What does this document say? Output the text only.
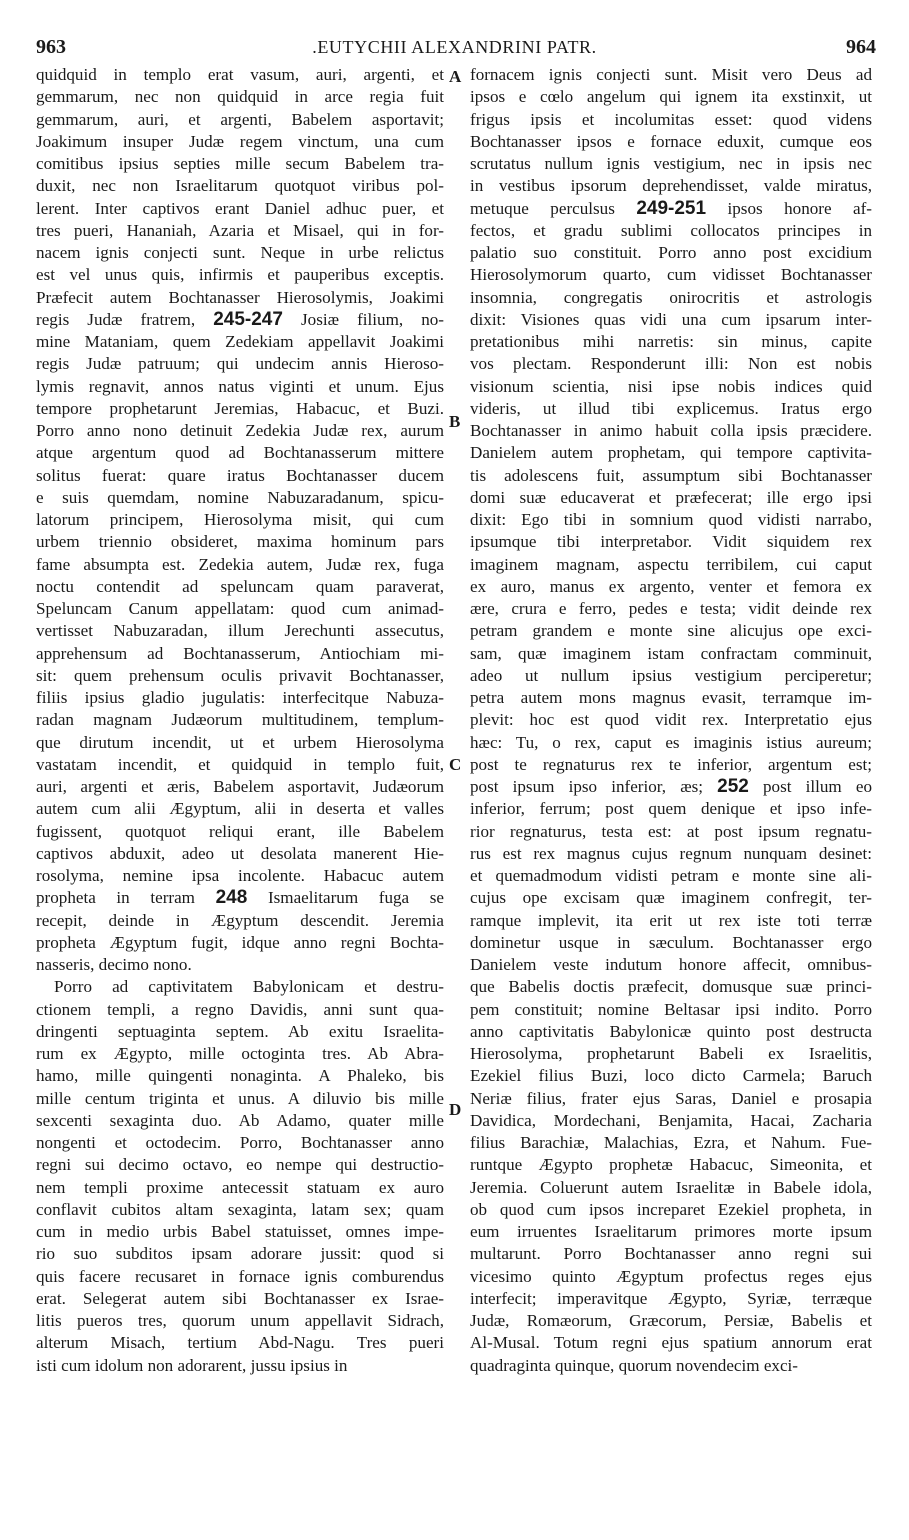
963	.EUTYCHII ALEXANDRINI PATR.	964
A
B
C
D
quidquid in templo erat vasum, auri, argenti, et
gemmarum, nec non quidquid in arce regia fuit
gemmarum, auri, et argenti, Babelem asportavit;
Joakimum insuper Judæ regem vinctum, una cum
comitibus ipsius septies mille secum Babelem tra-
duxit, nec non Israelitarum quotquot viribus pol-
lerent. Inter captivos erant Daniel adhuc puer, et
tres pueri, Hananiah, Azaria et Misael, qui in for-
nacem ignis conjecti sunt. Neque in urbe relictus
est vel unus quis, infirmis et pauperibus exceptis.
Præfecit autem Bochtanasser Hierosolymis, Joakimi
regis Judæ fratrem, 245-247 Josiæ filium, no-
mine Mataniam, quem Zedekiam appellavit Joakimi
regis Judæ patruum; qui undecim annis Hieroso-
lymis regnavit, annos natus viginti et unum. Ejus
tempore prophetarunt Jeremias, Habacuc, et Buzi.
Porro anno nono detinuit Zedekia Judæ rex, aurum
atque argentum quod ad Bochtanasserum mittere
solitus fuerat: quare iratus Bochtanasser ducem
e suis quemdam, nomine Nabuzaradanum, spicu-
latorum principem, Hierosolyma misit, qui cum
urbem triennio obsideret, maxima hominum pars
fame absumpta est. Zedekia autem, Judæ rex, fuga
noctu contendit ad speluncam quam paraverat,
Speluncam Canum appellatam: quod cum animad-
vertisset Nabuzaradan, illum Jerechunti assecutus,
apprehensum ad Bochtanasserum, Antiochiam mi-
sit: quem prehensum oculis privavit Bochtanasser,
filiis ipsius gladio jugulatis: interfecitque Nabuza-
radan magnam Judæorum multitudinem, templum-
que dirutum incendit, ut et urbem Hierosolyma
vastatam incendit, et quidquid in templo fuit,
auri, argenti et æris, Babelem asportavit, Judæorum
autem cum alii Ægyptum, alii in deserta et valles
fugissent, quotquot reliqui erant, ille Babelem
captivos abduxit, adeo ut desolata manerent Hie-
rosolyma, nemine ipsa incolente. Habacuc autem
propheta in terram 248 Ismaelitarum fuga se
recepit, deinde in Ægyptum descendit. Jeremia
propheta Ægyptum fugit, idque anno regni Bochta-
nasseris, decimo nono.
Porro ad captivitatem Babylonicam et destru-
ctionem templi, a regno Davidis, anni sunt qua-
dringenti septuaginta septem. Ab exitu Israelita-
rum ex Ægypto, mille octoginta tres. Ab Abra-
hamo, mille quingenti nonaginta. A Phaleko, bis
mille centum triginta et unus. A diluvio bis mille
sexcenti sexaginta duo. Ab Adamo, quater mille
nongenti et octodecim. Porro, Bochtanasser anno
regni sui decimo octavo, eo nempe qui destructio-
nem templi proxime antecessit statuam ex auro
conflavit cubitos altam sexaginta, latam sex; quam
cum in medio urbis Babel statuisset, omnes impe-
rio suo subditos ipsam adorare jussit: quod si
quis facere recusaret in fornace ignis comburendus
erat. Selegerat autem sibi Bochtanasser ex Israe-
litis pueros tres, quorum unum appellavit Sidrach,
alterum Misach, tertium Abd-Nagu. Tres pueri
isti cum idolum non adorarent, jussu ipsius in
fornacem ignis conjecti sunt. Misit vero Deus ad
ipsos e cœlo angelum qui ignem ita exstinxit, ut
frigus ipsis et incolumitas esset: quod videns
Bochtanasser ipsos e fornace eduxit, cumque eos
scrutatus nullum ignis vestigium, nec in ipsis nec
in vestibus ipsorum deprehendisset, valde miratus,
metuque perculsus 249-251 ipsos honore af-
fectos, et gradu sublimi collocatos principes in
palatio suo constituit. Porro anno post excidium
Hierosolymorum quarto, cum vidisset Bochtanasser
insomnia, congregatis onirocritis et astrologis
dixit: Visiones quas vidi una cum ipsarum inter-
pretationibus mihi narretis: sin minus, capite
vos plectam. Responderunt illi: Non est nobis
visionum scientia, nisi ipse nobis indices quid
videris, ut illud tibi explicemus. Iratus ergo
Bochtanasser in animo habuit colla ipsis præcidere.
Danielem autem prophetam, qui tempore captivita-
tis adolescens fuit, assumptum sibi Bochtanasser
domi suæ educaverat et præfecerat; ille ergo ipsi
dixit: Ego tibi in somnium quod vidisti narrabo,
ipsumque tibi interpretabor. Vidit siquidem rex
imaginem magnam, aspectu terribilem, cui caput
ex auro, manus ex argento, venter et femora ex
ære, crura e ferro, pedes e testa; vidit deinde rex
petram grandem e monte sine alicujus ope exci-
sam, quæ imaginem istam confractam comminuit,
adeo ut nullum ipsius vestigium perciperetur;
petra autem mons magnus evasit, terramque im-
plevit: hoc est quod vidit rex. Interpretatio ejus
hæc: Tu, o rex, caput es imaginis istius aureum;
post te regnaturus rex te inferior, argentum est;
post ipsum ipso inferior, æs; 252 post illum eo
inferior, ferrum; post quem denique et ipso infe-
rior regnaturus, testa est: at post ipsum regnatu-
rus est rex magnus cujus regnum nunquam desinet:
et quemadmodum vidisti petram e monte sine ali-
cujus ope excisam quæ imaginem confregit, ter-
ramque implevit, ita erit ut rex iste toti terræ
dominetur usque in sæculum. Bochtanasser ergo
Danielem veste indutum honore affecit, omnibus-
que Babelis doctis præfecit, domusque suæ princi-
pem constituit; nomine Beltasar ipsi indito. Porro
anno captivitatis Babylonicæ quinto post destructa
Hierosolyma, prophetarunt Babeli ex Israelitis,
Ezekiel filius Buzi, loco dicto Carmela; Baruch
Neriæ filius, frater ejus Saras, Daniel e prosapia
Davidica, Mordechani, Benjamita, Hacai, Zacharia
filius Barachiæ, Malachias, Ezra, et Nahum. Fue-
runtque Ægypto prophetæ Habacuc, Simeonita, et
Jeremia. Coluerunt autem Israelitæ in Babele idola,
ob quod cum ipsos increparet Ezekiel propheta, in
eum irruentes Israelitarum primores morte ipsum
multarunt. Porro Bochtanasser anno regni sui
vicesimo quinto Ægyptum profectus reges ejus
interfecit; imperavitque Ægypto, Syriæ, terræque
Judæ, Romæorum, Græcorum, Persiæ, Babelis et
Al-Musal. Totum regni ejus spatium annorum erat
quadraginta quinque, quorum novendecim exci-
